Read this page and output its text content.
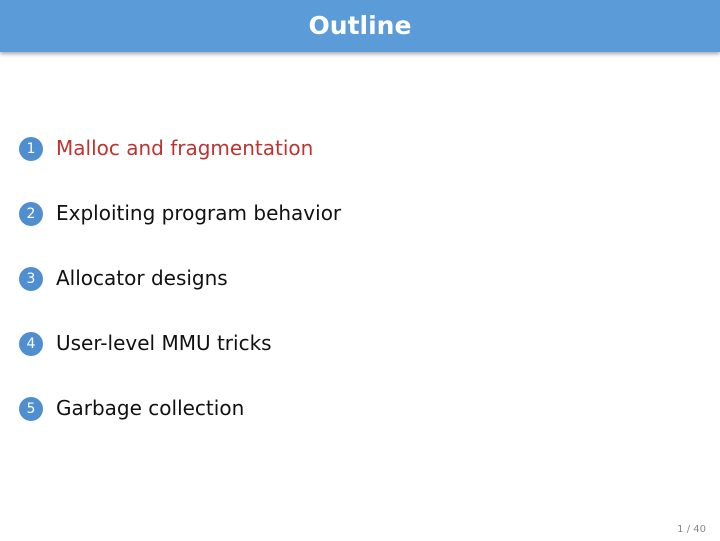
Outline
1	Malloc and fragmentation
2	Exploiting program behavior
3	Allocator designs
4	User-level MMU tricks
5	Garbage collection
1 / 40
